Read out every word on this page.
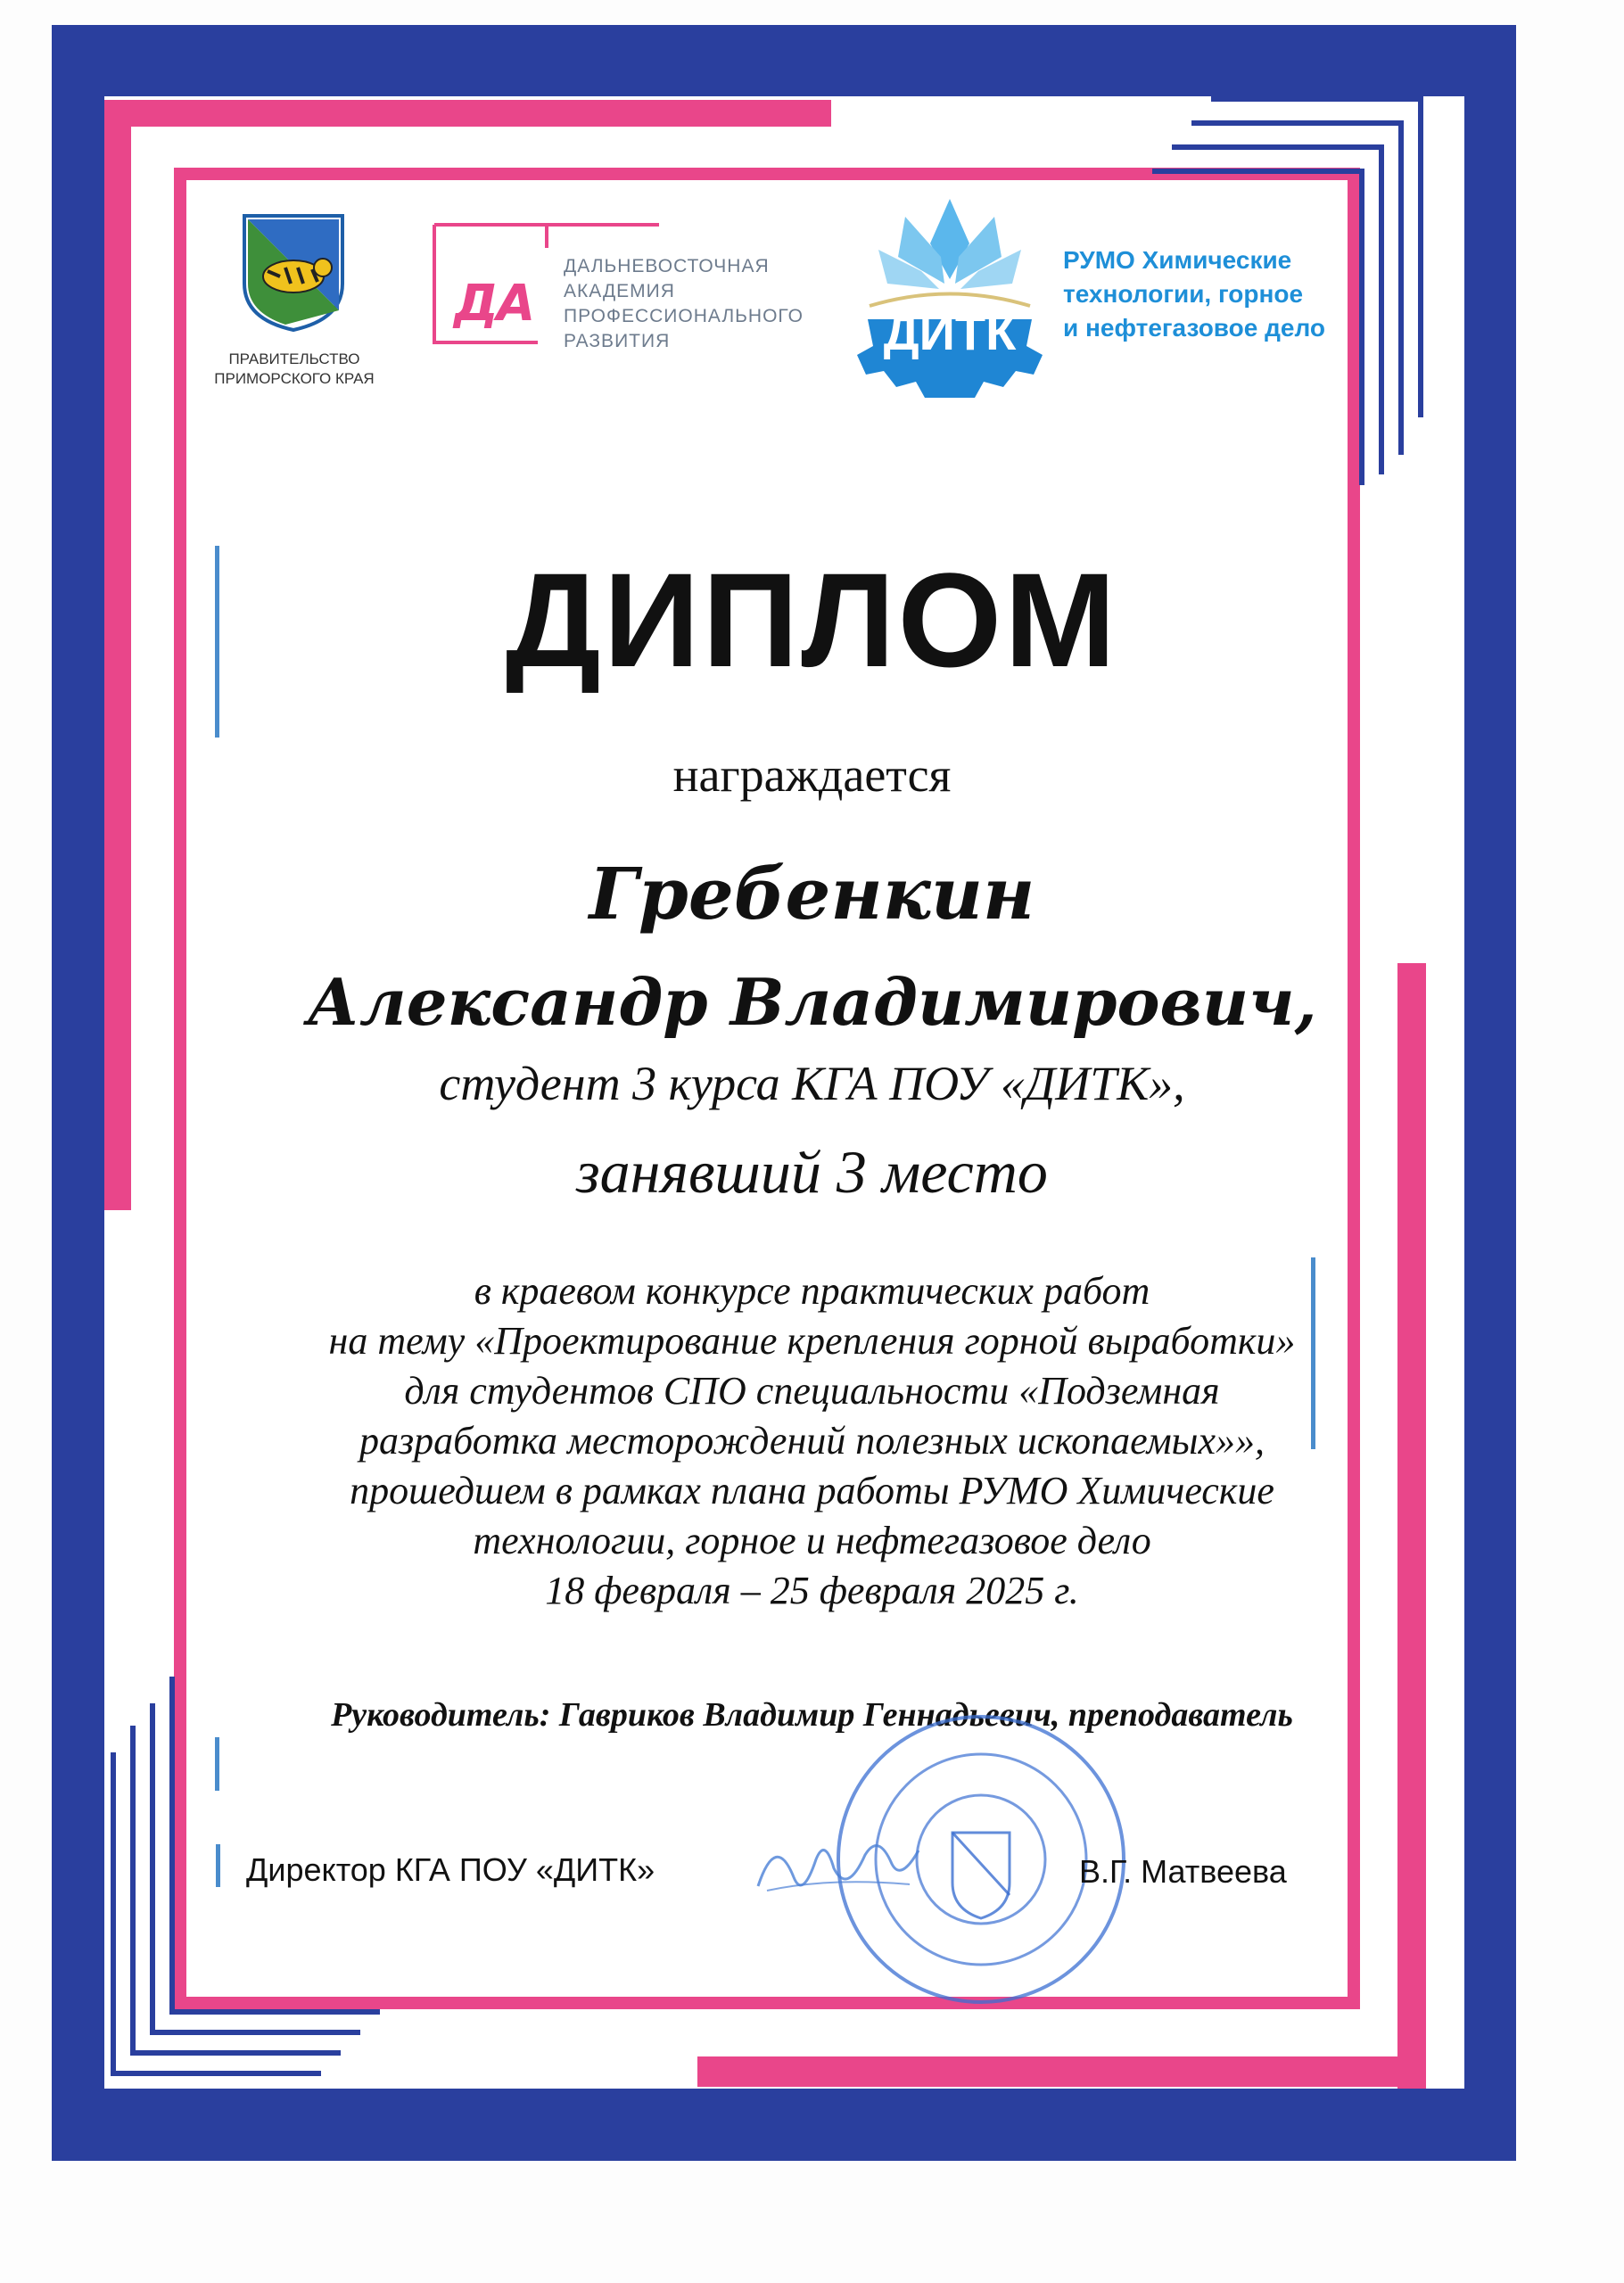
ПРАВИТЕЛЬСТВО
ПРИМОРСКОГО КРАЯ
ДА
ДАЛЬНЕВОСТОЧНАЯ
АКАДЕМИЯ
ПРОФЕССИОНАЛЬНОГО
РАЗВИТИЯ	ДИТК
РУМО Химические
технологии, горное
и нефтегазовое дело
ДИПЛОМ
награждается
Гребенкин
Александр Владимирович,
студент 3 курса КГА ПОУ «ДИТК»,
занявший 3 место
в краевом конкурсе практических работ
на тему «Проектирование крепления горной выработки»
для студентов СПО специальности «Подземная
разработка месторождений полезных ископаемых»»,
прошедшем в рамках плана работы РУМО Химические
технологии, горное и нефтегазовое дело
18 февраля – 25 февраля 2025 г.
Руководитель: Гавриков Владимир Геннадьевич, преподаватель
Директор КГА ПОУ «ДИТК»	В.Г. Матвеева
